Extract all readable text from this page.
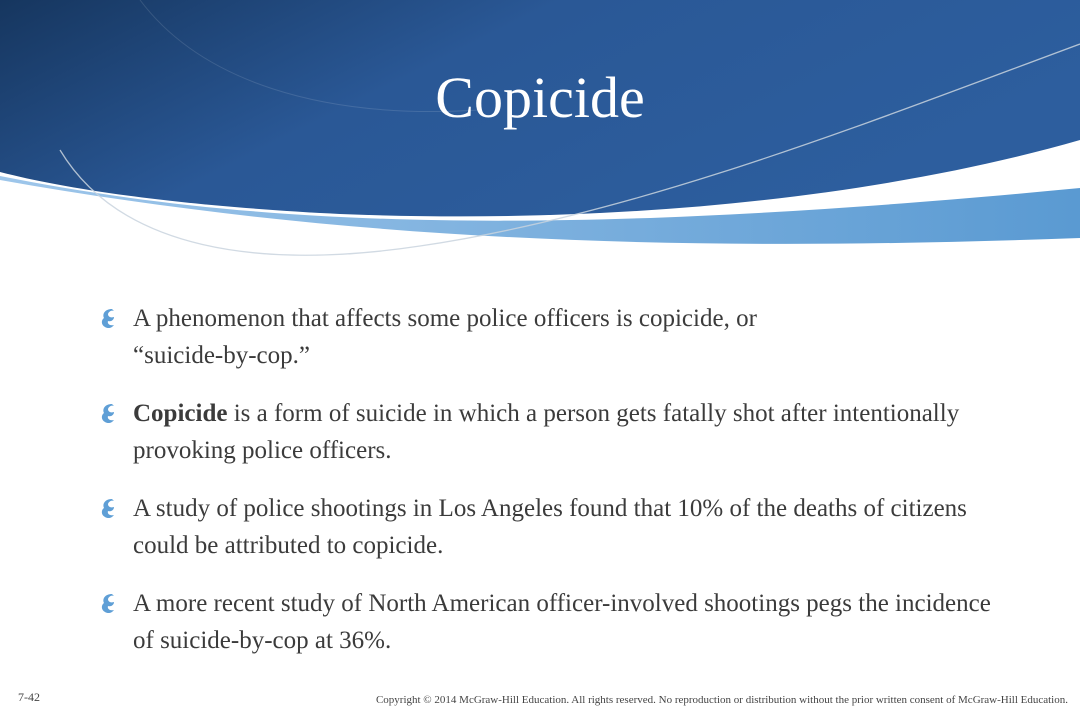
Copicide
A phenomenon that affects some police officers is copicide, or “suicide-by-cop.”
Copicide is a form of suicide in which a person gets fatally shot after intentionally provoking police officers.
A study of police shootings in Los Angeles found that 10% of the deaths of citizens could be attributed to copicide.
A more recent study of North American officer-involved shootings pegs the incidence of suicide-by-cop at 36%.
7-42	Copyright © 2014 McGraw-Hill Education. All rights reserved. No reproduction or distribution without the prior written consent of McGraw-Hill Education.
